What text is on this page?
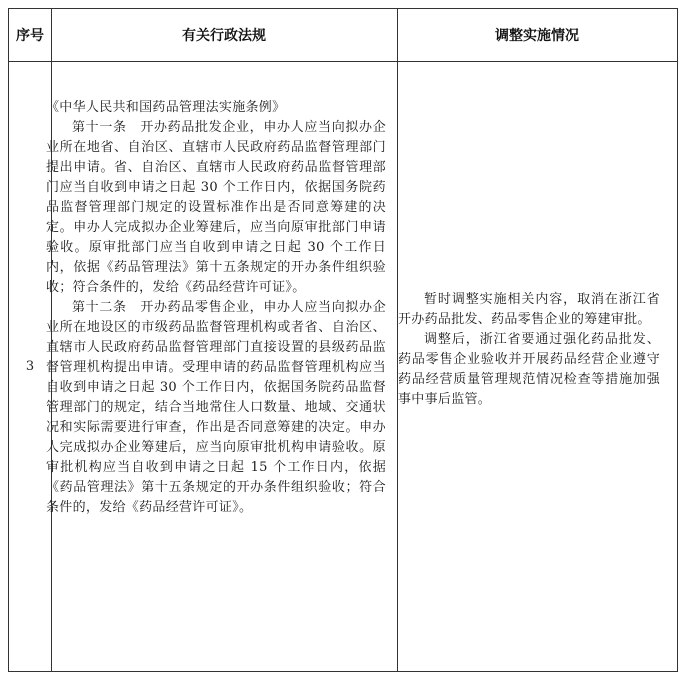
序号	有关行政法规	调整实施情况
3

《中华人民共和国药品管理法实施条例》

第十一条　开办药品批发企业，申办人应当向拟办企业所在地省、自治区、直辖市人民政府药品监督管理部门提出申请。省、自治区、直辖市人民政府药品监督管理部门应当自收到申请之日起 30 个工作日内，依据国务院药品监督管理部门规定的设置标准作出是否同意筹建的决定。申办人完成拟办企业筹建后，应当向原审批部门申请验收。原审批部门应当自收到申请之日起 30 个工作日内，依据《药品管理法》第十五条规定的开办条件组织验收；符合条件的，发给《药品经营许可证》。

第十二条　开办药品零售企业，申办人应当向拟办企业所在地设区的市级药品监督管理机构或者省、自治区、直辖市人民政府药品监督管理部门直接设置的县级药品监督管理机构提出申请。受理申请的药品监督管理机构应当自收到申请之日起 30 个工作日内，依据国务院药品监督管理部门的规定，结合当地常住人口数量、地域、交通状况和实际需要进行审查，作出是否同意筹建的决定。申办人完成拟办企业筹建后，应当向原审批机构申请验收。原审批机构应当自收到申请之日起 15 个工作日内，依据《药品管理法》第十五条规定的开办条件组织验收；符合条件的，发给《药品经营许可证》。

暂时调整实施相关内容，取消在浙江省开办药品批发、药品零售企业的筹建审批。

调整后，浙江省要通过强化药品批发、药品零售企业验收并开展药品经营企业遵守药品经营质量管理规范情况检查等措施加强事中事后监管。
